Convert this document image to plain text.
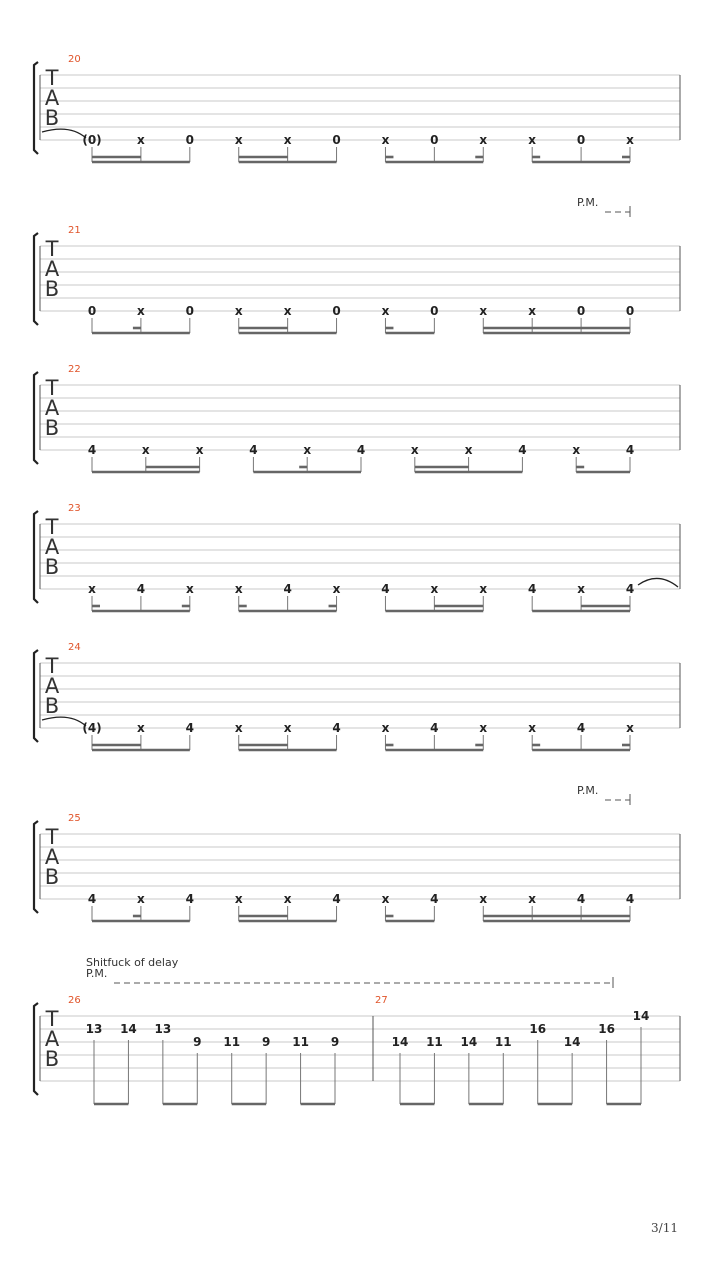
T
A
B
20
(0)	x	0	x	x	0	x	0	x	x	0	x
T
A
B
21
P.M.
0	x	0	x	x	0	x	0	x	x	0	0
T
A
B
22
4	x	x	4	x	4	x	x	4	x	4
T
A
B
23
x	4	x	x	4	x	4	x	x	4	x	4
T
A
B
24
(4)	x	4	x	x	4	x	4	x	x	4	x
T
A
B
25
P.M.
4	x	4	x	x	4	x	4	x	x	4	4
T
A
B
Shitfuck of delay
P.M.
26
13 14 13
9 11 9 11 9
27
14 11 14 11
16
14
16
14
3/11
